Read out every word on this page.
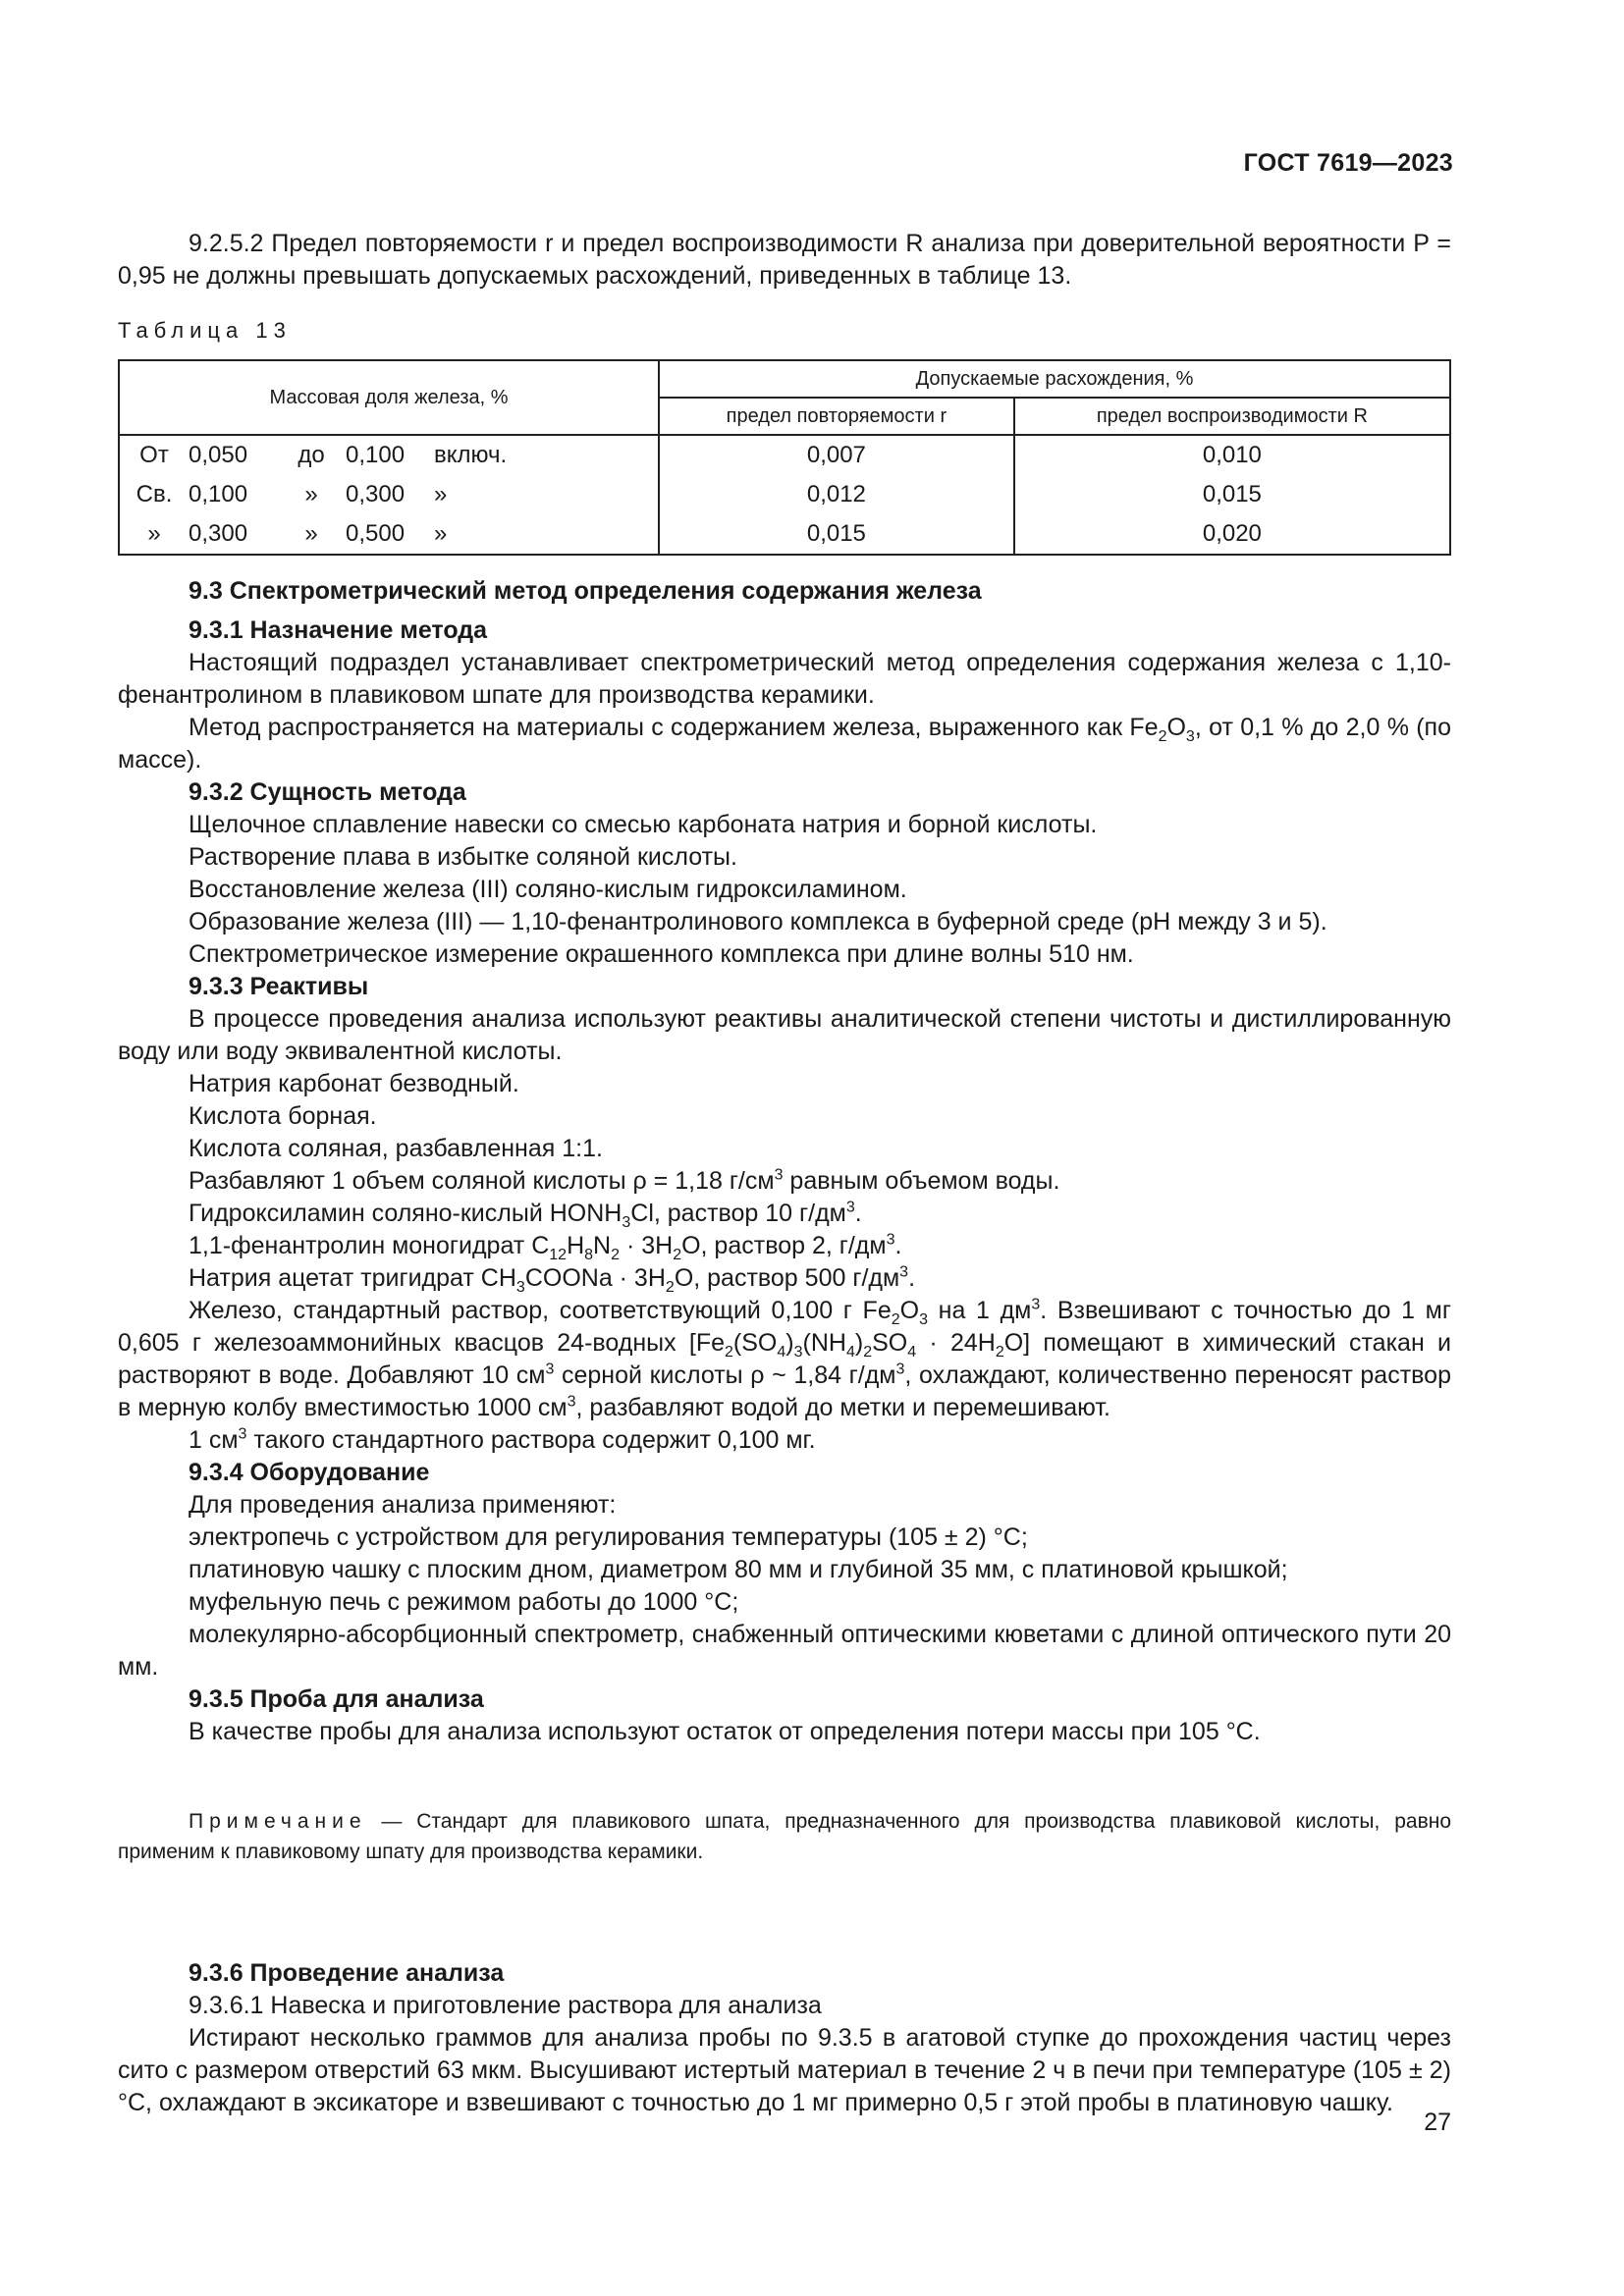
ГОСТ 7619—2023

9.2.5.2 Предел повторяемости r и предел воспроизводимости R анализа при доверительной вероятности P = 0,95 не должны превышать допускаемых расхождений, приведенных в таблице 13.

Таблица 13
Массовая доля железа, %	Допускаемые расхождения, %	
	предел повторяемости r	предел воспроизводимости R

От 0,050 до 0,100 включ.	0,007	0,010

Св. 0,100 » 0,300 »	0,012	0,015

» 0,300 » 0,500 »	0,015	0,020

9.3 Спектрометрический метод определения содержания железа

9.3.1 Назначение метода

Настоящий подраздел устанавливает спектрометрический метод определения содержания железа с 1,10-фенантролином в плавиковом шпате для производства керамики.

Метод распространяется на материалы с содержанием железа, выраженного как $Fe_2O_3$, от 0,1 % до 2,0 % (по массе).

9.3.2 Сущность метода

Щелочное сплавление навески со смесью карбоната натрия и борной кислоты.

Растворение плава в избытке соляной кислоты.

Восстановление железа (III) соляно-кислым гидроксиламином.

Образование железа (III) — 1,10-фенантролинового комплекса в буферной среде (pH между 3 и 5).

Спектрометрическое измерение окрашенного комплекса при длине волны 510 нм.

9.3.3 Реактивы

В процессе проведения анализа используют реактивы аналитической степени чистоты и дистиллированную воду или воду эквивалентной кислоты.

Натрия карбонат безводный.

Кислота борная.

Кислота соляная, разбавленная 1:1.

Разбавляют 1 объем соляной кислоты ρ = 1,18 $г/см^3$ равным объемом воды.

Гидроксиламин соляно-кислый $HONH_3Cl$, раствор 10 $г/дм^3$.

1,1-фенантролин моногидрат $C_{12}H_8N_2 \cdot 3H_2O$, раствор 2, $г/дм^3$.

Натрия ацетат тригидрат $CH_3COONa \cdot 3H_2O$, раствор 500 $г/дм^3$.

Железо, стандартный раствор, соответствующий 0,100 г $Fe_2O_3$ на 1 $дм^3$. Взвешивают с точностью до 1 мг 0,605 г железоаммонийных квасцов 24-водных $[Fe_2(SO_4)_3(NH_4)_2SO_4 \cdot 24H_2O]$ помещают в химический стакан и растворяют в воде. Добавляют 10 $см^3$ серной кислоты ρ ~ 1,84 $г/дм^3$, охлаждают, количественно переносят раствор в мерную колбу вместимостью 1000 $см^3$, разбавляют водой до метки и перемешивают.

1 $см^3$ такого стандартного раствора содержит 0,100 мг.

9.3.4 Оборудование

Для проведения анализа применяют:

электропечь с устройством для регулирования температуры (105 ± 2) °C;

платиновую чашку с плоским дном, диаметром 80 мм и глубиной 35 мм, с платиновой крышкой;

муфельную печь с режимом работы до 1000 °C;

молекулярно-абсорбционный спектрометр, снабженный оптическими кюветами с длиной оптического пути 20 мм.

9.3.5 Проба для анализа

В качестве пробы для анализа используют остаток от определения потери массы при 105 °C.

Примечание — Стандарт для плавикового шпата, предназначенного для производства плавиковой кислоты, равно применим к плавиковому шпату для производства керамики.

9.3.6 Проведение анализа

9.3.6.1 Навеска и приготовление раствора для анализа

Истирают несколько граммов для анализа пробы по 9.3.5 в агатовой ступке до прохождения частиц через сито с размером отверстий 63 мкм. Высушивают истертый материал в течение 2 ч в печи при температуре (105 ± 2) °C, охлаждают в эксикаторе и взвешивают с точностью до 1 мг примерно 0,5 г этой пробы в платиновую чашку.

27
